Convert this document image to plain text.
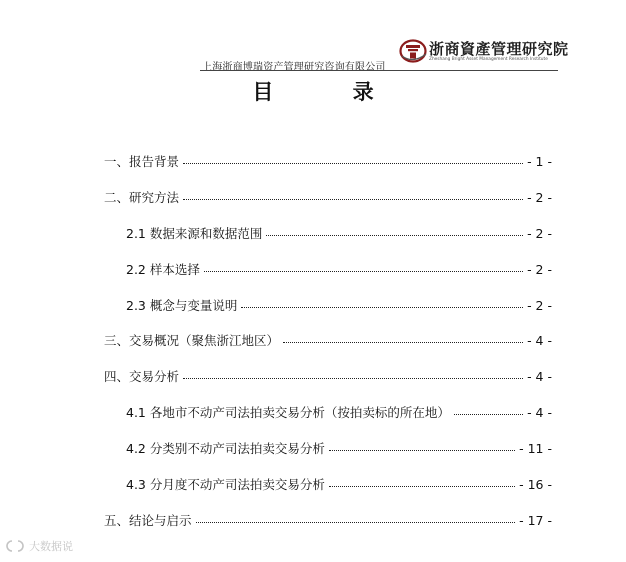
上海浙商博瑞资产管理研究咨询有限公司
浙商資產管理研究院
Zheshang Bright Asset Management Research Institute
目 录
一、报告背景	- 1 -
二、研究方法	- 2 -
2.1 数据来源和数据范围	- 2 -
2.2 样本选择	- 2 -
2.3 概念与变量说明	- 2 -
三、交易概况（聚焦浙江地区）	- 4 -
四、交易分析	- 4 -
4.1 各地市不动产司法拍卖交易分析（按拍卖标的所在地）	- 4 -
4.2 分类别不动产司法拍卖交易分析	- 11 -
4.3 分月度不动产司法拍卖交易分析	- 16 -
五、结论与启示	- 17 -
大数据说
